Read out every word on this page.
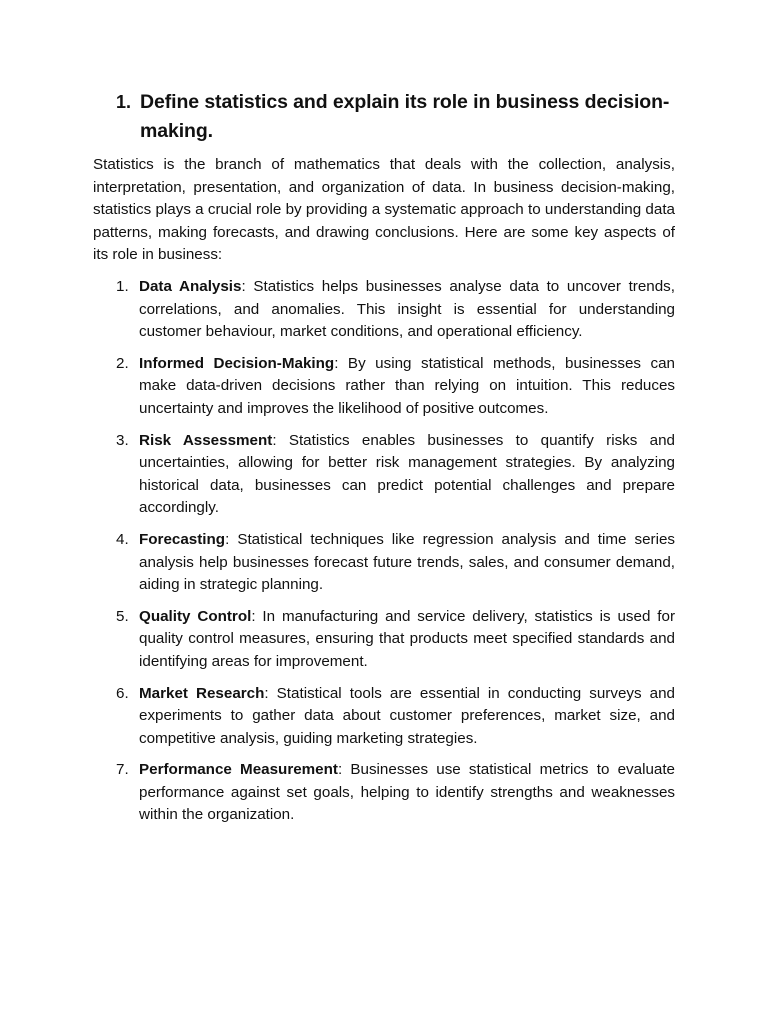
1. Define statistics and explain its role in business decision-making.

Statistics is the branch of mathematics that deals with the collection, analysis, interpretation, presentation, and organization of data. In business decision-making, statistics plays a crucial role by providing a systematic approach to understanding data patterns, making forecasts, and drawing conclusions. Here are some key aspects of its role in business:

1. Data Analysis: Statistics helps businesses analyse data to uncover trends, correlations, and anomalies. This insight is essential for understanding customer behaviour, market conditions, and operational efficiency.
2. Informed Decision-Making: By using statistical methods, businesses can make data-driven decisions rather than relying on intuition. This reduces uncertainty and improves the likelihood of positive outcomes.
3. Risk Assessment: Statistics enables businesses to quantify risks and uncertainties, allowing for better risk management strategies. By analyzing historical data, businesses can predict potential challenges and prepare accordingly.
4. Forecasting: Statistical techniques like regression analysis and time series analysis help businesses forecast future trends, sales, and consumer demand, aiding in strategic planning.
5. Quality Control: In manufacturing and service delivery, statistics is used for quality control measures, ensuring that products meet specified standards and identifying areas for improvement.
6. Market Research: Statistical tools are essential in conducting surveys and experiments to gather data about customer preferences, market size, and competitive analysis, guiding marketing strategies.
7. Performance Measurement: Businesses use statistical metrics to evaluate performance against set goals, helping to identify strengths and weaknesses within the organization.
